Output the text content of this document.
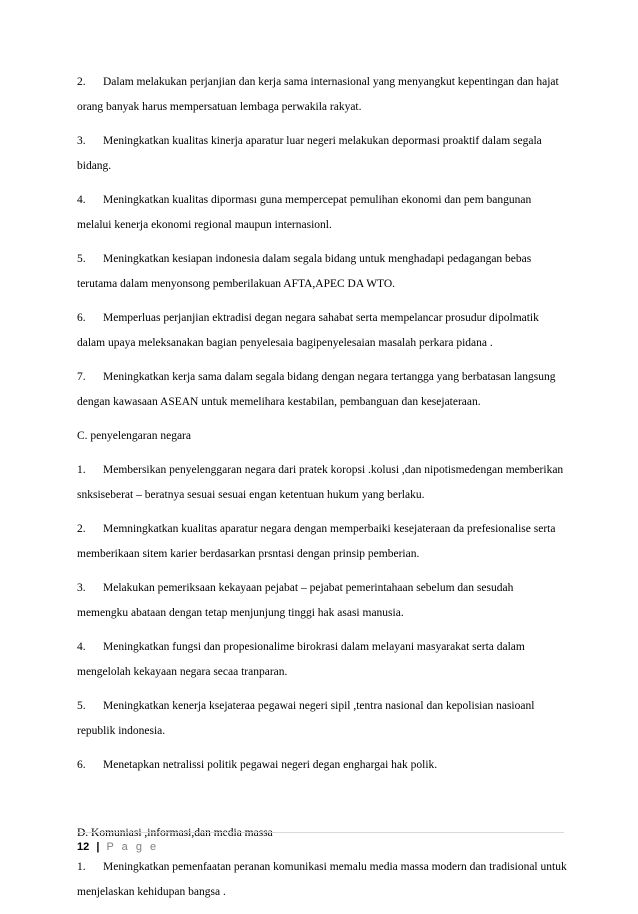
2. Dalam melakukan perjanjian dan kerja sama internasional yang menyangkut kepentingan dan hajat orang banyak harus mempersatuan lembaga perwakila rakyat.

3. Meningkatkan kualitas kinerja aparatur luar negeri melakukan depormasi proaktif dalam segala bidang.

4. Meningkatkan kualitas diporması guna mempercepat pemulihan ekonomi dan pem bangunan melalui kenerja ekonomi regional maupun internasionl.

5. Meningkatkan kesiapan indonesia dalam segala bidang untuk menghadapi pedagangan bebas terutama dalam menyonsong pemberilakuan AFTA,APEC DA WTO.

6. Memperluas perjanjian ektradisi degan negara sahabat serta mempelancar prosudur dipolmatik dalam upaya meleksanakan bagian penyelesaia bagipenyelesaian masalah perkara pidana .

7. Meningkatkan kerja sama dalam segala bidang dengan negara tertangga yang berbatasan langsung dengan kawasaan ASEAN untuk memelihara kestabilan, pembanguan dan kesejateraan.

C. penyelengaran negara

1. Membersikan penyelenggaran negara dari pratek koropsi .kolusi ,dan nipotismedengan memberikan snksiseberat – beratnya sesuai sesuai engan ketentuan hukum yang berlaku.

2. Memningkatkan kualitas aparatur negara dengan memperbaiki kesejateraan da prefesionalise serta memberikaan sitem karier berdasarkan prsntasi dengan prinsip pemberian.

3. Melakukan pemeriksaan kekayaan pejabat – pejabat pemerintahaan sebelum dan sesudah memengku abataan dengan tetap menjunjung tinggi hak asasi manusia.

4. Meningkatkan fungsi dan propesionalime birokrasi dalam melayani masyarakat serta dalam mengelolah kekayaan negara secaa tranparan.

5. Meningkatkan kenerja ksejateraa pegawai negeri sipil ,tentra nasional dan kepolisian nasioanl republik indonesia.

6. Menetapkan netralissi politik pegawai negeri degan enghargai hak polik.

D. Komuniasi ,informasi,dan media massa

1. Meningkatkan pemenfaatan peranan komunikasi memalu media massa modern dan tradisional untuk menjelaskan kehidupan bangsa .

12 | P a g e
